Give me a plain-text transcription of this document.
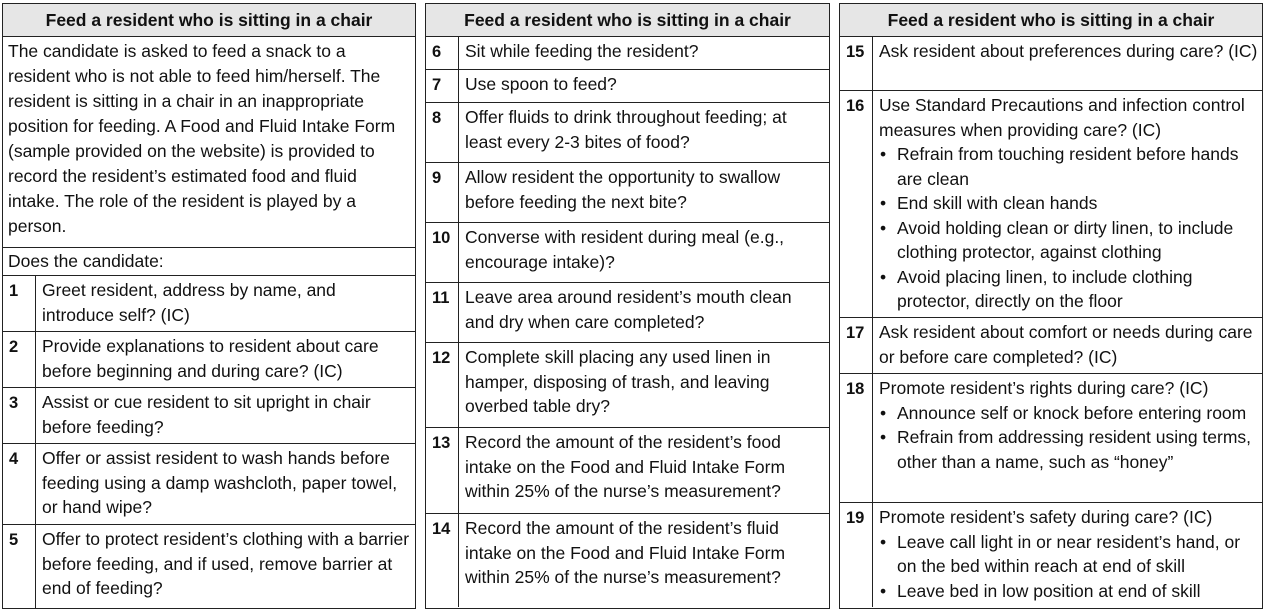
Feed a resident who is sitting in a chair
The candidate is asked to feed a snack to a resident who is not able to feed him/herself. The resident is sitting in a chair in an inappropriate position for feeding. A Food and Fluid Intake Form (sample provided on the website) is provided to record the resident’s estimated food and fluid intake. The role of the resident is played by a person.
Does the candidate:
1	Greet resident, address by name, and introduce self? (IC)
2	Provide explanations to resident about care before beginning and during care? (IC)
3	Assist or cue resident to sit upright in chair before feeding?
4	Offer or assist resident to wash hands before feeding using a damp washcloth, paper towel, or hand wipe?
5	Offer to protect resident’s clothing with a barrier before feeding, and if used, remove barrier at end of feeding?
Feed a resident who is sitting in a chair
6	Sit while feeding the resident?
7	Use spoon to feed?
8	Offer fluids to drink throughout feeding; at least every 2-3 bites of food?
9	Allow resident the opportunity to swallow before feeding the next bite?
10 Converse with resident during meal (e.g., encourage intake)?
11 Leave area around resident’s mouth clean and dry when care completed?
12 Complete skill placing any used linen in hamper, disposing of trash, and leaving overbed table dry?
13 Record the amount of the resident’s food intake on the Food and Fluid Intake Form within 25% of the nurse’s measurement?
14 Record the amount of the resident’s fluid intake on the Food and Fluid Intake Form within 25% of the nurse’s measurement?
Feed a resident who is sitting in a chair
15 Ask resident about preferences during care? (IC)
16 Use Standard Precautions and infection control measures when providing care? (IC)
• Refrain from touching resident before hands are clean
• End skill with clean hands
• Avoid holding clean or dirty linen, to include clothing protector, against clothing
• Avoid placing linen, to include clothing protector, directly on the floor
17 Ask resident about comfort or needs during care or before care completed? (IC)
18 Promote resident’s rights during care? (IC)
• Announce self or knock before entering room
• Refrain from addressing resident using terms, other than a name, such as “honey”
19 Promote resident’s safety during care? (IC)
• Leave call light in or near resident’s hand, or on the bed within reach at end of skill
• Leave bed in low position at end of skill
